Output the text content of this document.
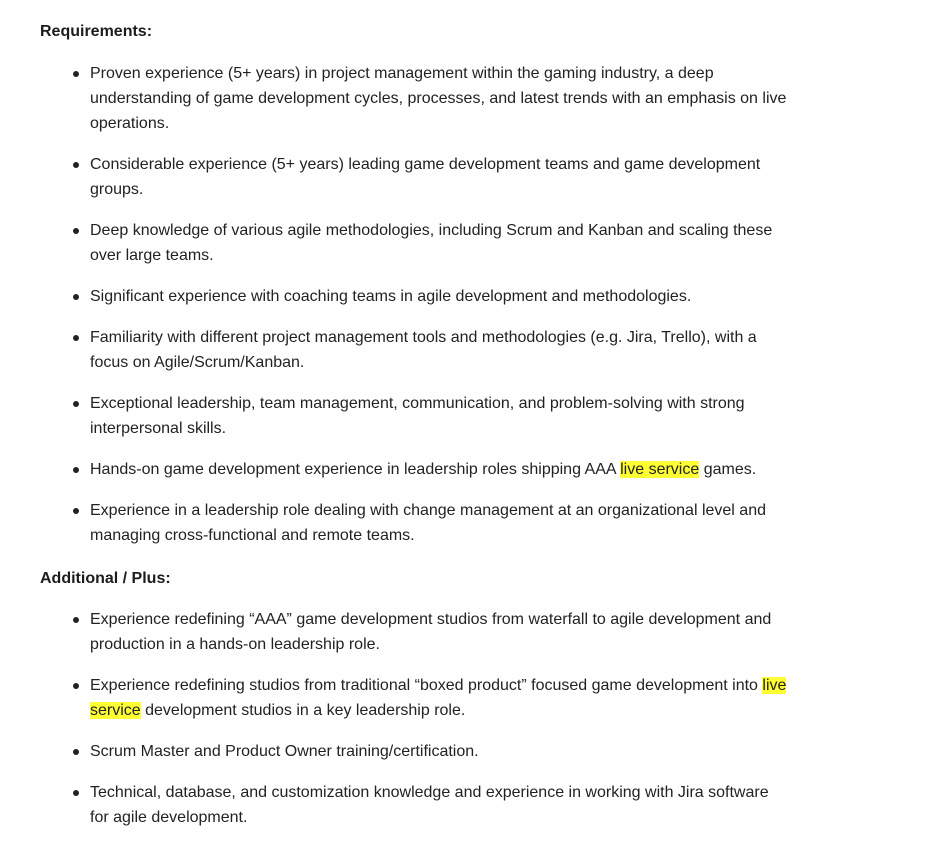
Requirements:
Proven experience (5+ years) in project management within the gaming industry, a deep understanding of game development cycles, processes, and latest trends with an emphasis on live operations.
Considerable experience (5+ years) leading game development teams and game development groups.
Deep knowledge of various agile methodologies, including Scrum and Kanban and scaling these over large teams.
Significant experience with coaching teams in agile development and methodologies.
Familiarity with different project management tools and methodologies (e.g. Jira, Trello), with a focus on Agile/Scrum/Kanban.
Exceptional leadership, team management, communication, and problem-solving with strong interpersonal skills.
Hands-on game development experience in leadership roles shipping AAA live service games.
Experience in a leadership role dealing with change management at an organizational level and managing cross-functional and remote teams.
Additional / Plus:
Experience redefining “AAA” game development studios from waterfall to agile development and production in a hands-on leadership role.
Experience redefining studios from traditional “boxed product” focused game development into live service development studios in a key leadership role.
Scrum Master and Product Owner training/certification.
Technical, database, and customization knowledge and experience in working with Jira software for agile development.
